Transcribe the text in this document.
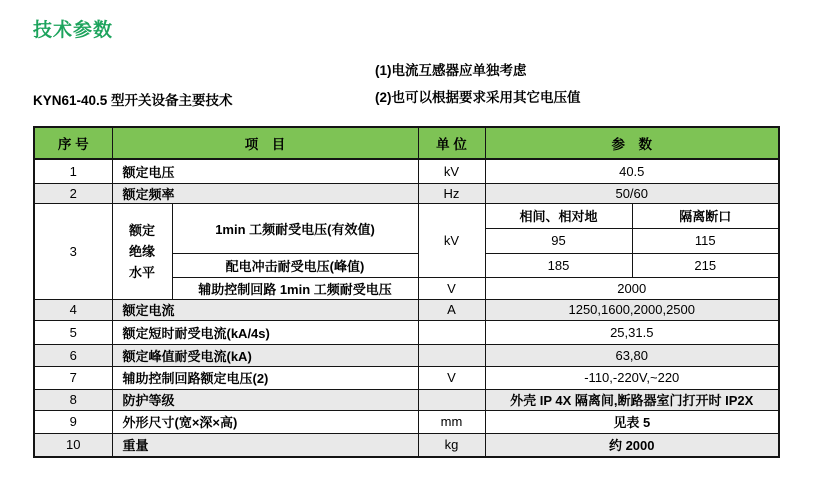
技术参数
KYN61-40.5 型开关设备主要技术
(1)电流互感器应单独考虑
(2)也可以根据要求采用其它电压值
序 号	项　目		单 位	参　数	
1	额定电压		kV	40.5	
2	额定频率		Hz	50/60	
3	额定
绝缘
水平	1min 工频耐受电压(有效值)	kV	相间、相对地	隔离断口
				95	115
		配电冲击耐受电压(峰值)		185	215
		辅助控制回路 1min 工频耐受电压	V	2000	
4	额定电流		A	1250,1600,2000,2500	
5	额定短时耐受电流(kA/4s)			25,31.5	
6	额定峰值耐受电流(kA)			63,80	
7	辅助控制回路额定电压(2)		V	-110,-220V,~220	
8	防护等级			外壳 IP 4X 隔离间,断路器室门打开时 IP2X	
9	外形尺寸(宽×深×高)		mm	见表 5	
10	重量		kg	约 2000	
